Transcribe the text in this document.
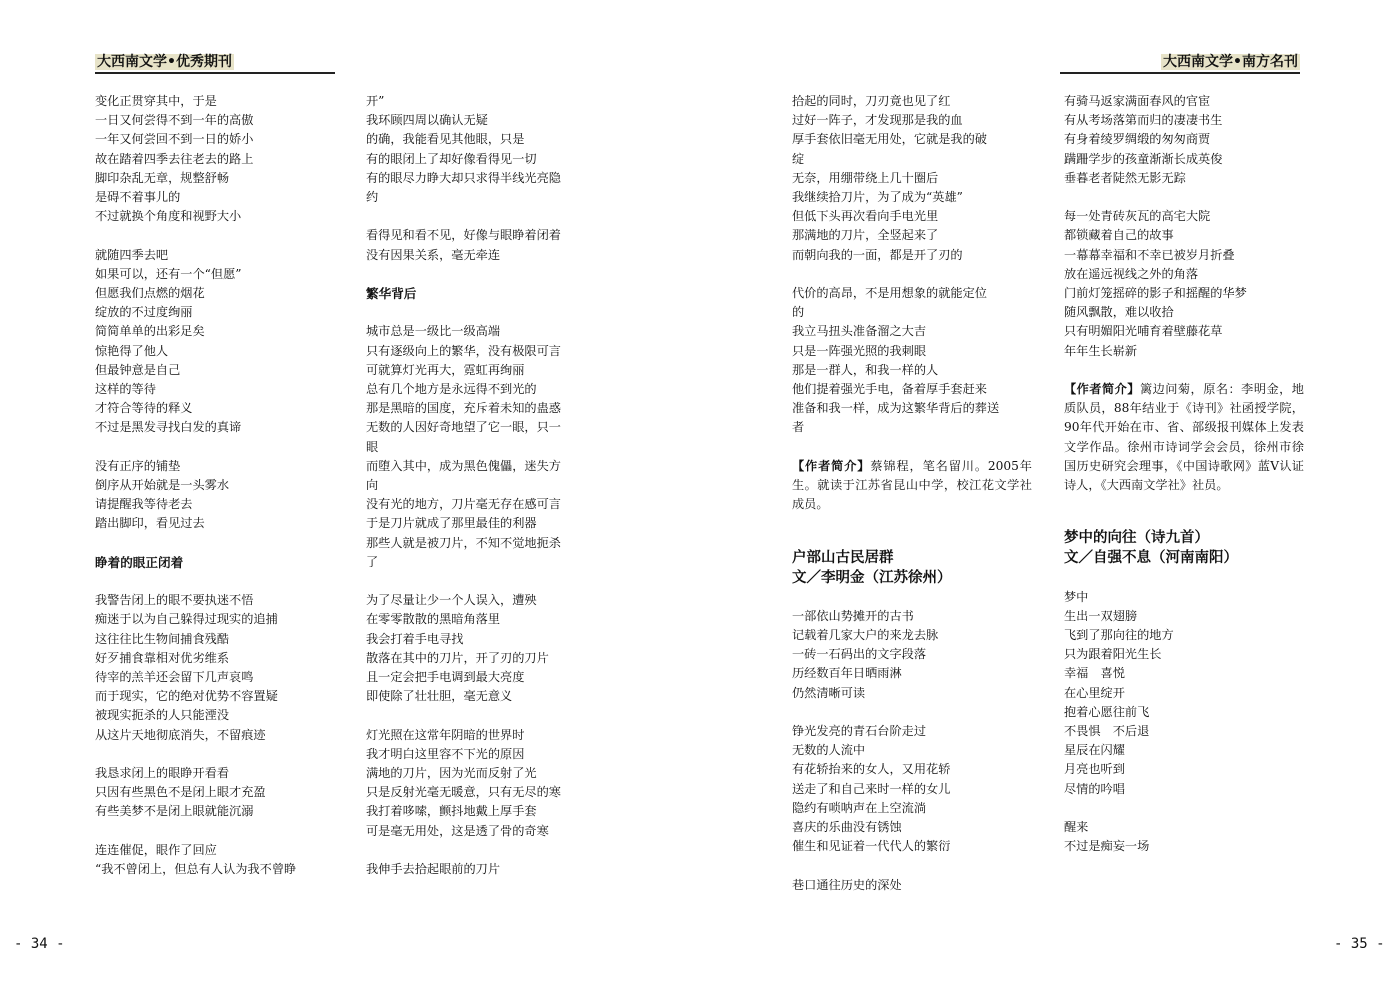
大西南文学•优秀期刊	大西南文学•南方名刊

变化正贯穿其中，于是

一日又何尝得不到一年的高傲

一年又何尝回不到一日的娇小

故在踏着四季去往老去的路上

脚印杂乱无章，规整舒畅

是碍不着事儿的

不过就换个角度和视野大小

就随四季去吧

如果可以，还有一个“但愿”

但愿我们点燃的烟花

绽放的不过度绚丽

简简单单的出彩足矣

惊艳得了他人

但最钟意是自己

这样的等待

才符合等待的释义

不过是黑发寻找白发的真谛

没有正序的铺垫

倒序从开始就是一头雾水

请提醒我等待老去

踏出脚印，看见过去

睁着的眼正闭着

我警告闭上的眼不要执迷不悟

痴迷于以为自己躲得过现实的追捕

这往往比生物间捕食残酷

好歹捕食靠相对优劣维系

待宰的羔羊还会留下几声哀鸣

而于现实，它的绝对优势不容置疑

被现实扼杀的人只能湮没

从这片天地彻底消失，不留痕迹

我恳求闭上的眼睁开看看

只因有些黑色不是闭上眼才充盈

有些美梦不是闭上眼就能沉溺

连连催促，眼作了回应

“我不曾闭上，但总有人认为我不曾睁

开”

我环顾四周以确认无疑

的确，我能看见其他眼，只是

有的眼闭上了却好像看得见一切

有的眼尽力睁大却只求得半线光亮隐

约

看得见和看不见，好像与眼睁着闭着

没有因果关系，毫无牵连

繁华背后

城市总是一级比一级高端

只有逐级向上的繁华，没有极限可言

可就算灯光再大，霓虹再绚丽

总有几个地方是永远得不到光的

那是黑暗的国度，充斥着未知的蛊惑

无数的人因好奇地望了它一眼，只一

眼

而堕入其中，成为黑色傀儡，迷失方

向

没有光的地方，刀片毫无存在感可言

于是刀片就成了那里最佳的利器

那些人就是被刀片，不知不觉地扼杀

了

为了尽量让少一个人误入，遭殃

在零零散散的黑暗角落里

我会打着手电寻找

散落在其中的刀片，开了刃的刀片

且一定会把手电调到最大亮度

即使除了壮壮胆，毫无意义

灯光照在这常年阴暗的世界时

我才明白这里容不下光的原因

满地的刀片，因为光而反射了光

只是反射光毫无暖意，只有无尽的寒

我打着哆嗦，颤抖地戴上厚手套

可是毫无用处，这是透了骨的奇寒

我伸手去拾起眼前的刀片

拾起的同时，刀刃竟也见了红

过好一阵子，才发现那是我的血

厚手套依旧毫无用处，它就是我的破

绽

无奈，用绷带绕上几十圈后

我继续拾刀片，为了成为“英雄”

但低下头再次看向手电光里

那满地的刀片，全竖起来了

而朝向我的一面，都是开了刃的

代价的高昂，不是用想象的就能定位

的

我立马扭头准备溜之大吉

只是一阵强光照的我刺眼

那是一群人，和我一样的人

他们提着强光手电，备着厚手套赶来

准备和我一样，成为这繁华背后的葬送

者

【作者简介】蔡锦程，笔名留川。2005年生。就读于江苏省昆山中学，校江花文学社成员。

户部山古民居群

文／李明金（江苏徐州）

一部依山势摊开的古书

记载着几家大户的来龙去脉

一砖一石码出的文字段落

历经数百年日晒雨淋

仍然清晰可读

铮光发亮的青石台阶走过

无数的人流中

有花轿抬来的女人，又用花轿

送走了和自己来时一样的女儿

隐约有唢呐声在上空流淌

喜庆的乐曲没有锈蚀

催生和见证着一代代人的繁衍

巷口通往历史的深处

有骑马返家满面春风的官宦

有从考场落第而归的凄凄书生

有身着绫罗绸缎的匆匆商贾

蹒跚学步的孩童渐渐长成英俊

垂暮老者陡然无影无踪

每一处青砖灰瓦的高宅大院

都锁藏着自己的故事

一幕幕幸福和不幸已被岁月折叠

放在遥远视线之外的角落

门前灯笼摇碎的影子和摇醒的华梦

随风飘散，难以收拾

只有明媚阳光哺育着壁藤花草

年年生长崭新

【作者简介】篱边问菊，原名：李明金，地质队员，88年结业于《诗刊》社函授学院，90年代开始在市、省、部级报刊媒体上发表文学作品。徐州市诗词学会会员，徐州市徐国历史研究会理事，《中国诗歌网》蓝V认证诗人，《大西南文学社》社员。

梦中的向往（诗九首）

文／自强不息（河南南阳）

梦中

生出一双翅膀

飞到了那向往的地方

只为跟着阳光生长

幸福　喜悦

在心里绽开

抱着心愿往前飞

不畏惧　不后退

星辰在闪耀

月亮也听到

尽情的吟唱

醒来

不过是痴妄一场

- 34 -	- 35 -
